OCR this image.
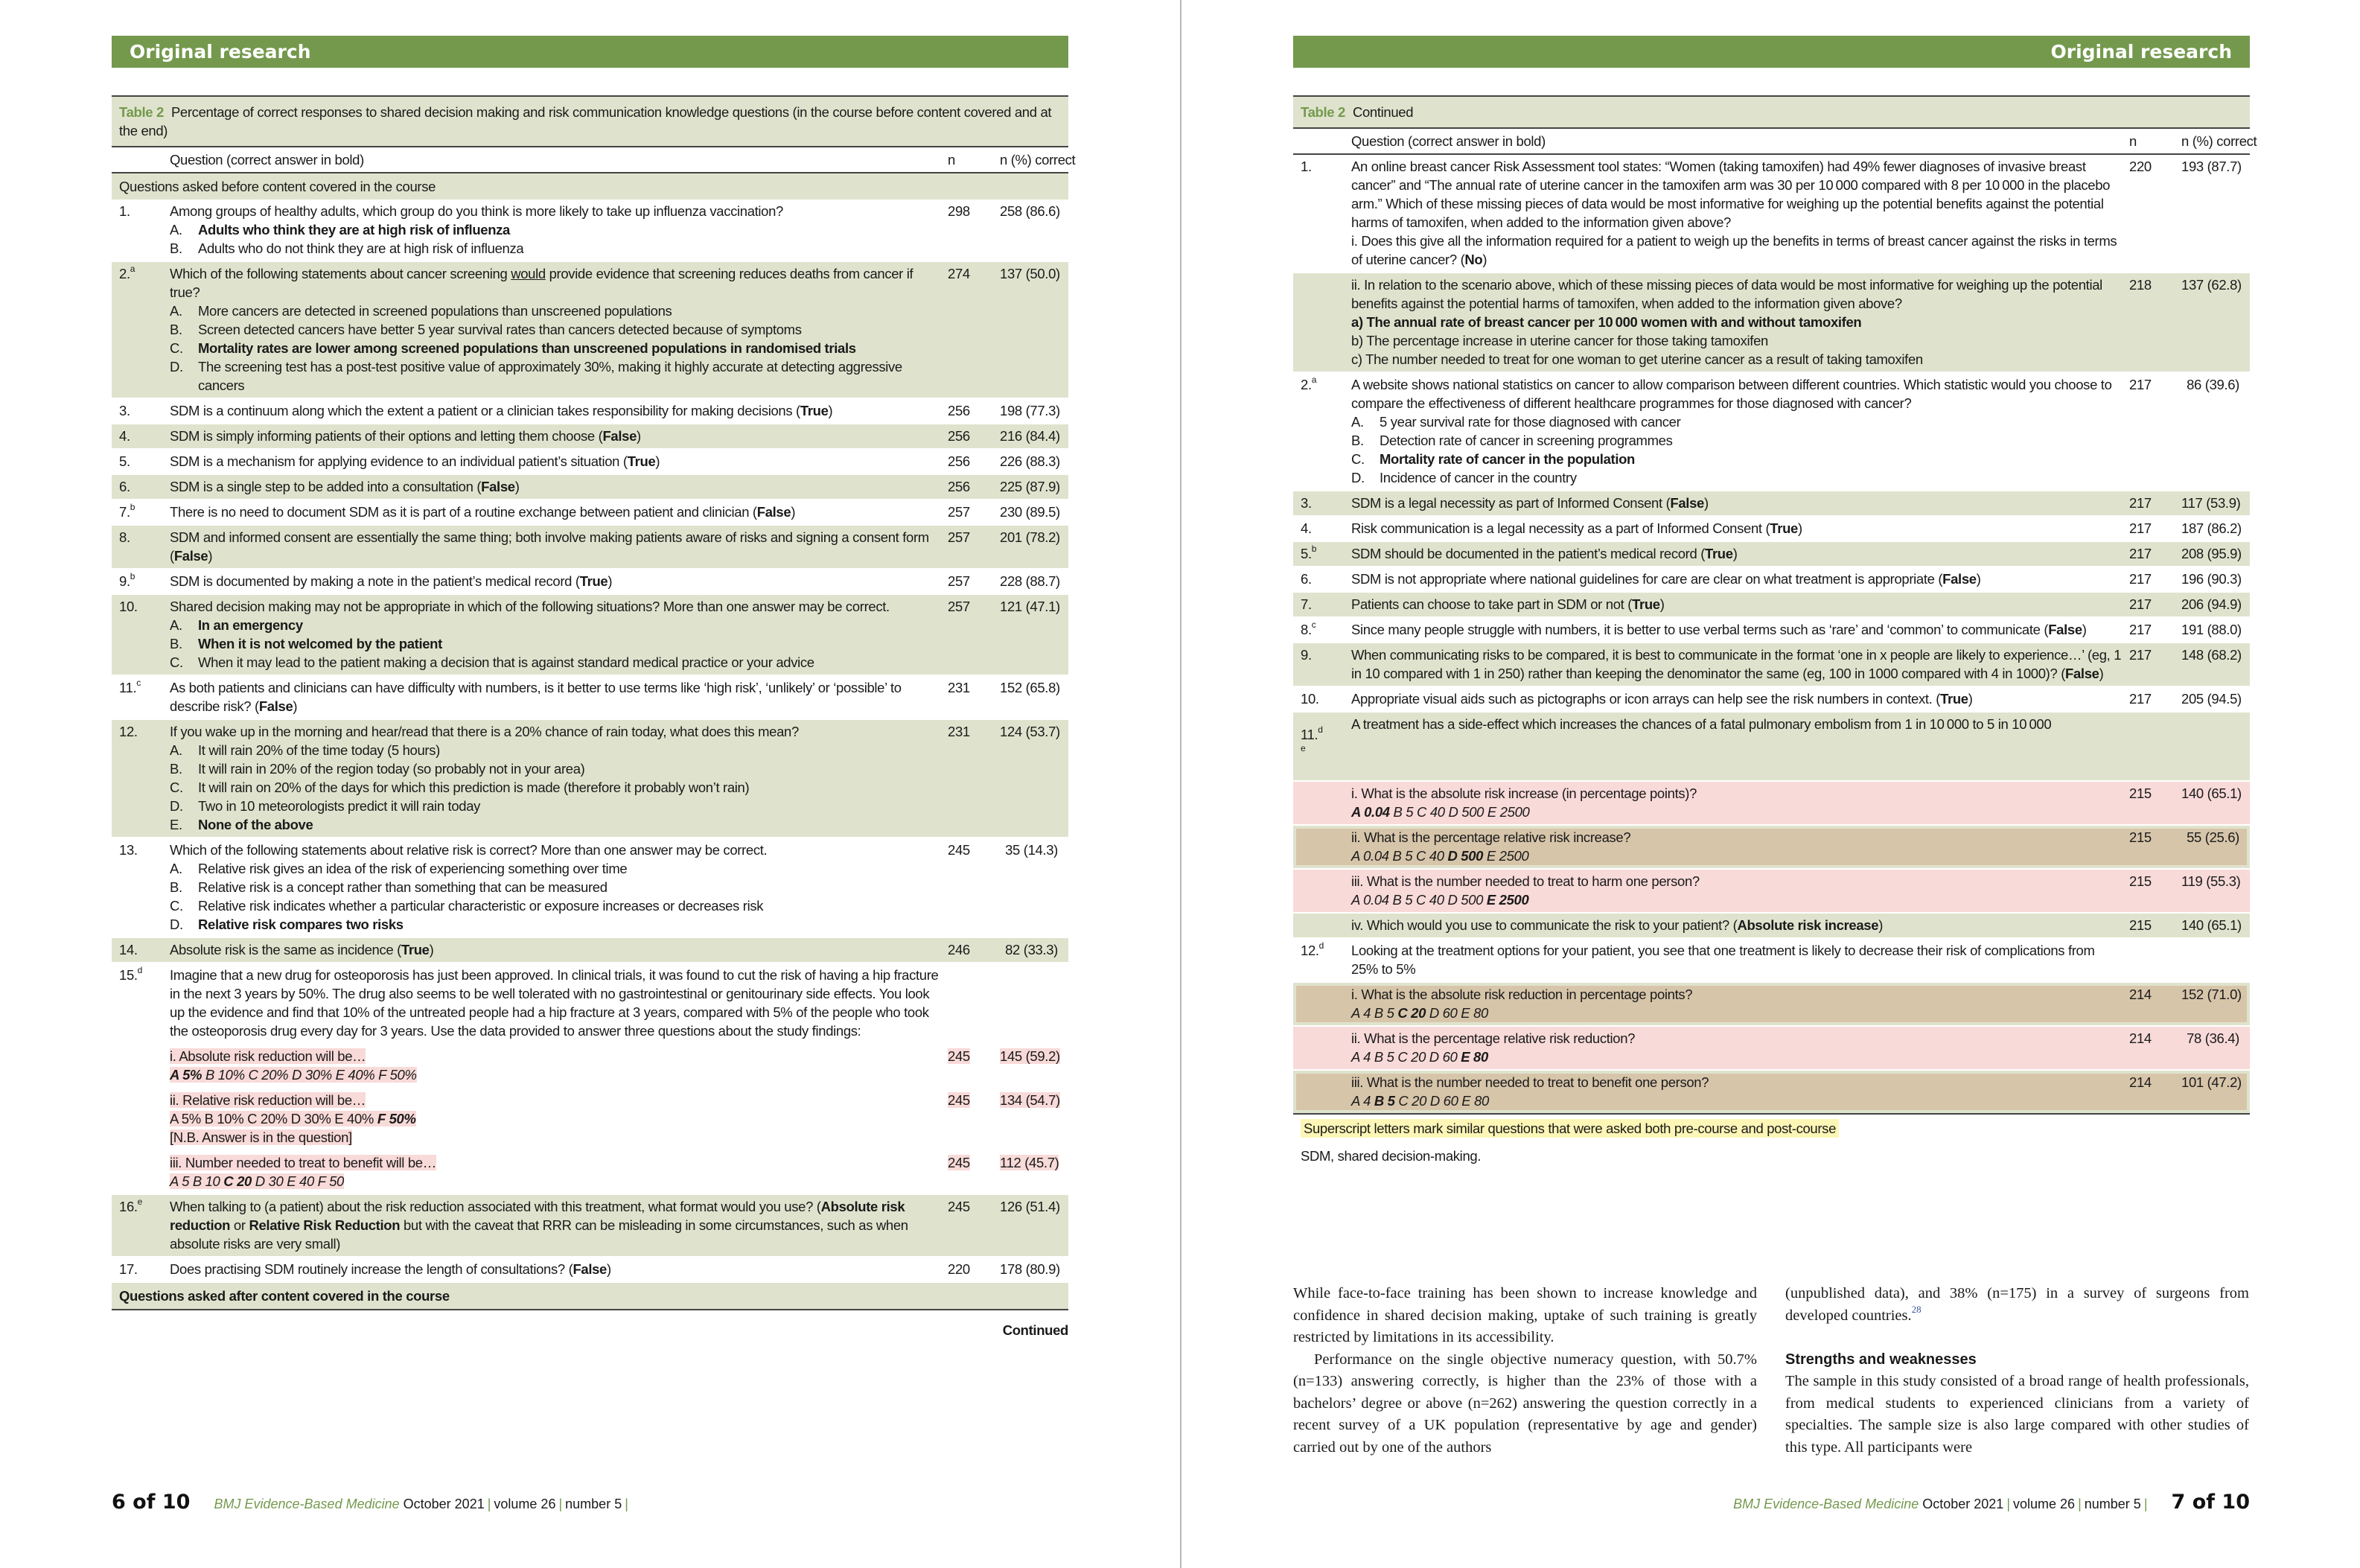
Original research
Table 2 Percentage of correct responses to shared decision making and risk communication knowledge questions (in the course before content covered and at the end)
Question (correct answer in bold)	n	n (%) correct
Questions asked before content covered in the course
1.	Among groups of healthy adults, which group do you think is more likely to take up influenza vaccination?
A.	Adults who think they are at high risk of influenza
B.	Adults who do not think they are at high risk of influenza
298	258 (86.6)
2.$^a$	Which of the following statements about cancer screening would provide evidence that screening reduces deaths from cancer if true?
A.	More cancers are detected in screened populations than unscreened populations
B.	Screen detected cancers have better 5 year survival rates than cancers detected because of symptoms
C.	Mortality rates are lower among screened populations than unscreened populations in randomised trials
D.	The screening test has a post-test positive value of approximately 30%, making it highly accurate at detecting aggressive cancers
274	137 (50.0)
3.	SDM is a continuum along which the extent a patient or a clinician takes responsibility for making decisions (True)	256	198 (77.3)
4.	SDM is simply informing patients of their options and letting them choose (False)	256	216 (84.4)
5.	SDM is a mechanism for applying evidence to an individual patient’s situation (True)	256	226 (88.3)
6.	SDM is a single step to be added into a consultation (False)	256	225 (87.9)
7.$^b$	There is no need to document SDM as it is part of a routine exchange between patient and clinician (False)	257	230 (89.5)
8.	SDM and informed consent are essentially the same thing; both involve making patients aware of risks and signing a consent form (False)
257	201 (78.2)
9.$^b$	SDM is documented by making a note in the patient’s medical record (True)	257	228 (88.7)
10.	Shared decision making may not be appropriate in which of the following situations? More than one answer may be correct.
A.	In an emergency
B.	When it is not welcomed by the patient
C.	When it may lead to the patient making a decision that is against standard medical practice or your advice
257	121 (47.1)
11.$^c$	As both patients and clinicians can have difficulty with numbers, is it better to use terms like ‘high risk’, ‘unlikely’ or ‘possible’ to describe risk? (False)
231	152 (65.8)
12.	If you wake up in the morning and hear/read that there is a 20% chance of rain today, what does this mean?
A.	It will rain 20% of the time today (5 hours)
B.	It will rain in 20% of the region today (so probably not in your area)
C.	It will rain on 20% of the days for which this prediction is made (therefore it probably won’t rain)
D.	Two in 10 meteorologists predict it will rain today
E.	None of the above
231	124 (53.7)
13.	Which of the following statements about relative risk is correct? More than one answer may be correct.
A.	Relative risk gives an idea of the risk of experiencing something over time
B.	Relative risk is a concept rather than something that can be measured
C.	Relative risk indicates whether a particular characteristic or exposure increases or decreases risk
D.	Relative risk compares two risks
245	35 (14.3)
14.	Absolute risk is the same as incidence (True)	246	82 (33.3)
15.$^d$	Imagine that a new drug for osteoporosis has just been approved. In clinical trials, it was found to cut the risk of having a hip fracture in the next 3 years by 50%. The drug also seems to be well tolerated with no gastrointestinal or genitourinary side effects. You look up the evidence and find that 10% of the untreated people had a hip fracture at 3 years, compared with 5% of the people who took the osteoporosis drug every day for 3 years. Use the data provided to answer three questions about the study findings:
i. Absolute risk reduction will be…
A 5% B 10% C 20% D 30% E 40% F 50%
245	145 (59.2)
ii. Relative risk reduction will be…
A 5% B 10% C 20% D 30% E 40% F 50%
[N.B. Answer is in the question]
245	134 (54.7)
iii. Number needed to treat to benefit will be…
A 5 B 10 C 20 D 30 E 40 F 50
245	112 (45.7)
16.$^e$	When talking to (a patient) about the risk reduction associated with this treatment, what format would you use? (Absolute risk reduction or Relative Risk Reduction but with the caveat that RRR can be misleading in some circumstances, such as when absolute risks are very small)
245	126 (51.4)
17.	Does practising SDM routinely increase the length of consultations? (False)	220	178 (80.9)
Questions asked after content covered in the course
Continued
6 of 10 BMJ Evidence-Based Medicine October 2021 | volume 26 | number 5 |
Original research
Table 2 Continued
Question (correct answer in bold)	n	n (%) correct
1.	An online breast cancer Risk Assessment tool states: “Women (taking tamoxifen) had 49% fewer diagnoses of invasive breast cancer” and “The annual rate of uterine cancer in the tamoxifen arm was 30 per 10 000 compared with 8 per 10 000 in the placebo arm.” Which of these missing pieces of data would be most informative for weighing up the potential benefits against the potential harms of tamoxifen, when added to the information given above?
i. Does this give all the information required for a patient to weigh up the benefits in terms of breast cancer against the risks in terms of uterine cancer? (No)
220	193 (87.7)
ii. In relation to the scenario above, which of these missing pieces of data would be most informative for weighing up the potential benefits against the potential harms of tamoxifen, when added to the information given above?
a) The annual rate of breast cancer per 10 000 women with and without tamoxifen
b) The percentage increase in uterine cancer for those taking tamoxifen
c) The number needed to treat for one woman to get uterine cancer as a result of taking tamoxifen
218	137 (62.8)
2.$^a$	A website shows national statistics on cancer to allow comparison between different countries. Which statistic would you choose to compare the effectiveness of different healthcare programmes for those diagnosed with cancer?
A.	5 year survival rate for those diagnosed with cancer
B.	Detection rate of cancer in screening programmes
C.	Mortality rate of cancer in the population
D.	Incidence of cancer in the country
217	86 (39.6)
3.	SDM is a legal necessity as part of Informed Consent (False)	217	117 (53.9)
4.	Risk communication is a legal necessity as a part of Informed Consent (True)	217	187 (86.2)
5.$^b$	SDM should be documented in the patient’s medical record (True)	217	208 (95.9)
6.	SDM is not appropriate where national guidelines for care are clear on what treatment is appropriate (False)	217	196 (90.3)
7.	Patients can choose to take part in SDM or not (True)	217	206 (94.9)
8.$^c$	Since many people struggle with numbers, it is better to use verbal terms such as ‘rare’ and ‘common’ to communicate (False)	217	191 (88.0)
9.	When communicating risks to be compared, it is best to communicate in the format ‘one in x people are likely to experience…’ (eg, 1 in 10 compared with 1 in 250) rather than keeping the denominator the same (eg, 100 in 1000 compared with 4 in 1000)? (False)
217	148 (68.2)
10.	Appropriate visual aids such as pictographs or icon arrays can help see the risk numbers in context. (True)	217	205 (94.5)
11.$^d$
$^e$
A treatment has a side-effect which increases the chances of a fatal pulmonary embolism from 1 in 10 000 to 5 in 10 000
i. What is the absolute risk increase (in percentage points)?
A 0.04 B 5 C 40 D 500 E 2500
215	140 (65.1)
ii. What is the percentage relative risk increase?
A 0.04 B 5 C 40 D 500 E 2500
215	55 (25.6)
iii. What is the number needed to treat to harm one person?
A 0.04 B 5 C 40 D 500 E 2500
215	119 (55.3)
iv. Which would you use to communicate the risk to your patient? (Absolute risk increase)	215	140 (65.1)
12.$^d$	Looking at the treatment options for your patient, you see that one treatment is likely to decrease their risk of complications from 25% to 5%
i. What is the absolute risk reduction in percentage points?
A 4 B 5 C 20 D 60 E 80
214	152 (71.0)
ii. What is the percentage relative risk reduction?
A 4 B 5 C 20 D 60 E 80
214	78 (36.4)
iii. What is the number needed to treat to benefit one person?
A 4 B 5 C 20 D 60 E 80
214	101 (47.2)
Superscript letters mark similar questions that were asked both pre-course and post-course
SDM, shared decision-making.

While face-to-face training has been shown to increase knowledge and confidence in shared decision making, uptake of such training is greatly restricted by limitations in its accessibility.

Performance on the single objective numeracy question, with 50.7% (n=133) answering correctly, is higher than the 23% of those with a bachelors’ degree or above (n=262) answering the question correctly in a recent survey of a UK population (representative by age and gender) carried out by one of the authors

(unpublished data), and 38% (n=175) in a survey of surgeons from developed countries.$^{28}$

Strengths and weaknesses

The sample in this study consisted of a broad range of health professionals, from medical students to experienced clinicians from a variety of specialties. The sample size is also large compared with other studies of this type. All participants were

BMJ Evidence-Based Medicine October 2021 | volume 26 | number 5 | 7 of 10
